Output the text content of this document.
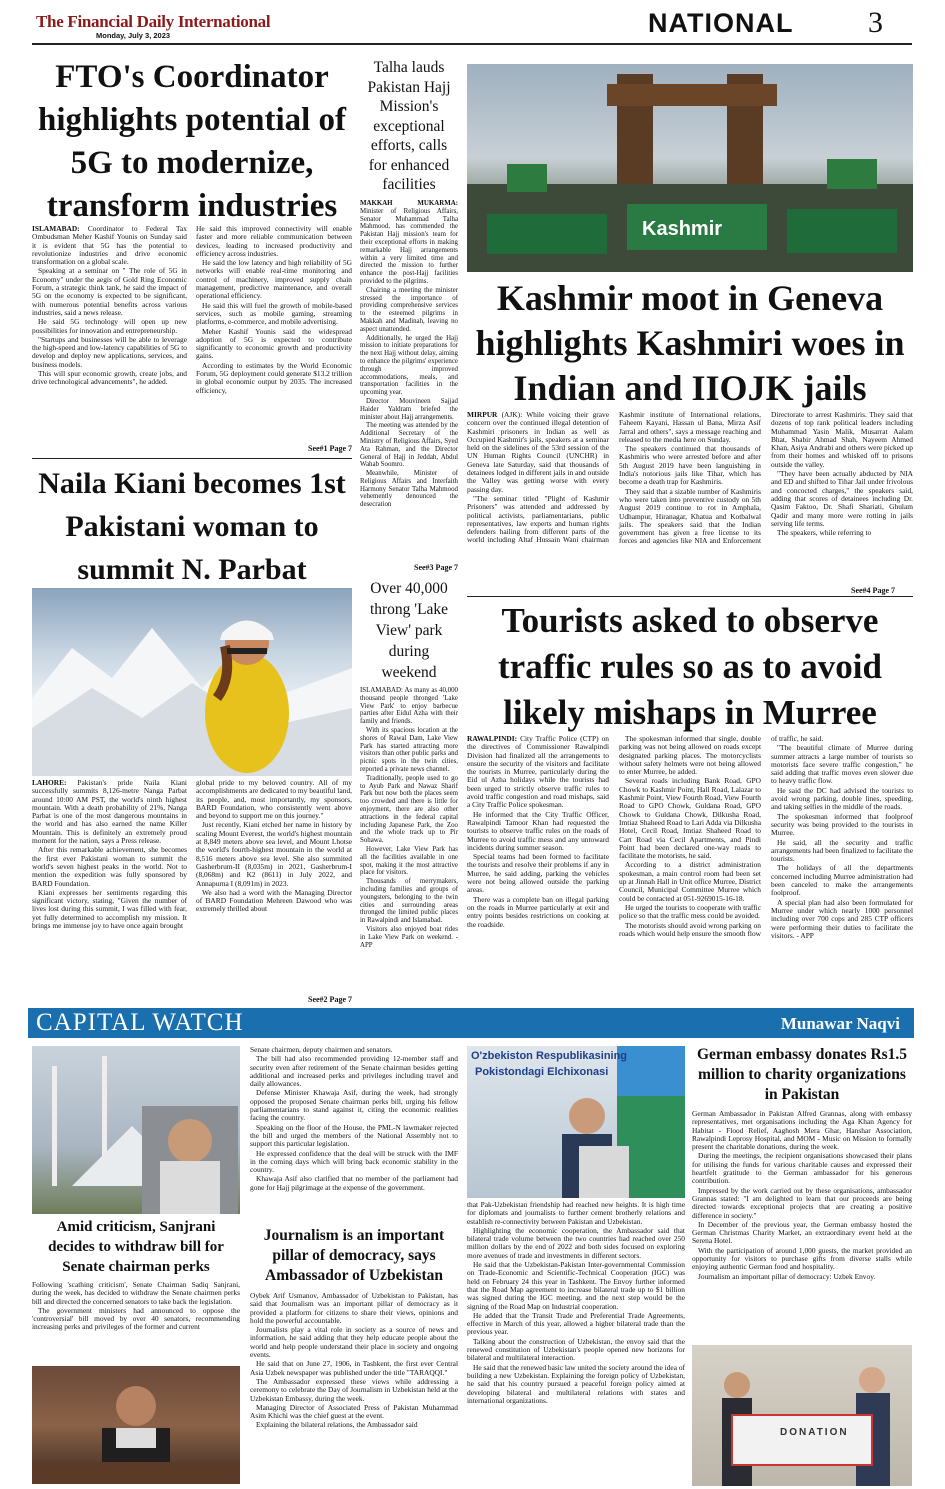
The Financial Daily International
Monday, July 3, 2023	NATIONAL 3
FTO's Coordinator highlights potential of 5G to modernize, transform industries

ISLAMABAD: Coordinator to Federal Tax Ombudsman Meher Kashif Younis on Sunday said it is evident that 5G has the potential to revolutionize industries and drive economic transformation on a global scale.

Speaking at a seminar on " The role of 5G in Economy" under the aegis of Gold Ring Economic Forum, a strategic think tank, he said the impact of 5G on the economy is expected to be significant, with numerous potential benefits across various industries, said a news release.

He said 5G technology will open up new possibilities for innovation and entrepreneurship.

"Startups and businesses will be able to leverage the high-speed and low-latency capabilities of 5G to develop and deploy new applications, services, and business models.

This will spur economic growth, create jobs, and drive technological advancements", he added.

He said this improved connectivity will enable faster and more reliable communication between devices, leading to increased productivity and efficiency across industries.

He said the low latency and high reliability of 5G networks will enable real-time monitoring and control of machinery, improved supply chain management, predictive maintenance, and overall operational efficiency.

He said this will fuel the growth of mobile-based services, such as mobile gaming, streaming platforms, e-commerce, and mobile advertising.

Meher Kashif Younis said the widespread adoption of 5G is expected to contribute significantly to economic growth and productivity gains.

According to estimates by the World Economic Forum, 5G deployment could generate $13.2 trillion in global economic output by 2035. The increased efficiency,

See#1 Page 7
Naila Kiani becomes 1st Pakistani woman to summit N. Parbat

LAHORE: Pakistan's pride Naila Kiani successfully summits 8,126-metre Nanga Parbat around 10:00 AM PST, the world's ninth highest mountain. With a death probability of 21%, Nanga Parbat is one of the most dangerous mountains in the world and has also earned the name Killer Mountain. This is definitely an extremely proud moment for the nation, says a Press release.

After this remarkable achievement, she becomes the first ever Pakistani woman to summit the world's seven highest peaks in the world. Not to mention the expedition was fully sponsored by BARD Foundation.

Kiani expresses her sentiments regarding this significant victory, stating, "Given the number of lives lost during this summit, I was filled with fear, yet fully determined to accomplish my mission. It brings me immense joy to have once again brought

global pride to my beloved country. All of my accomplishments are dedicated to my beautiful land, its people, and, most importantly, my sponsors, BARD Foundation, who consistently went above and beyond to support me on this journey."

Just recently, Kiani etched her name in history by scaling Mount Everest, the world's highest mountain at 8,849 meters above sea level, and Mount Lhotse the world's fourth-highest mountain in the world at 8,516 meters above sea level. She also summited Gasherbrum-II (8,035m) in 2021, Gasherbrum-I (8,068m) and K2 (8611) in July 2022, and Annapurna I (8,091m) in 2023.

We also had a word with the Managing Director of BARD Foundation Mehreen Dawood who was extremely thrilled about

See#2 Page 7
Talha lauds Pakistan Hajj Mission's exceptional efforts, calls for enhanced facilities

MAKKAH MUKARMA: Minister of Religious Affairs, Senator Muhammad Talha Mahmood, has commended the Pakistan Hajj mission's team for their exceptional efforts in making remarkable Hajj arrangements within a very limited time and directed the mission to further enhance the post-Hajj facilities provided to the pilgrims.

Chairing a meeting the minister stressed the importance of providing comprehensive services to the esteemed pilgrims in Makkah and Madinah, leaving no aspect unattended.

Additionally, he urged the Hajj mission to initiate preparations for the next Hajj without delay, aiming to enhance the pilgrims' experience through improved accommodations, meals, and transportation facilities in the upcoming year.

Director Mouvineen Sajjad Haider Yaldram briefed the minister about Hajj arrangements.

The meeting was attended by the Additional Secretary of the Ministry of Religious Affairs, Syed Ata Rahman, and the Director General of Hajj in Jeddah, Abdul Wahab Soomro.

Meanwhile, Minister of Religious Affairs and Interfaith Harmony Senator Talha Mahmood vehemently denounced the desecration

See#3 Page 7
Over 40,000 throng 'Lake View' park during weekend

ISLAMABAD: As many as 40,000 thousand people thronged 'Lake View Park' to enjoy barbecue parties after Eidul Azha with their family and friends.

With its spacious location at the shores of Rawal Dam, Lake View Park has started attracting more visitors than other public parks and picnic spots in the twin cities, reported a private news channel.

Traditionally, people used to go to Ayub Park and Nawaz Sharif Park but now both the places seem too crowded and there is little for enjoyment, there are also other attractions in the federal capital including Japanese Park, the Zoo and the whole track up to Pir Sohawa.

However, Lake View Park has all the facilities available in one spot, making it the most attractive place for visitors.

Thousands of merrymakers, including families and groups of youngsters, belonging to the twin cities and surrounding areas thronged the limited public places in Rawalpindi and Islamabad.

Visitors also enjoyed boat rides in Lake View Park on weekend. - APP

Kashmir
Kashmir moot in Geneva highlights Kashmiri woes in Indian and IIOJK jails

MIRPUR (AJK): While voicing their grave concern over the continued illegal detention of Kashmiri prisoners in Indian as well as Occupied Kashmir's jails, speakers at a seminar held on the sidelines of the 53rd session of the UN Human Rights Council (UNCHR) in Geneva late Saturday, said that thousands of detainees lodged in different jails in and outside the Valley was getting worse with every passing day.

"The seminar titled "Plight of Kashmir Prisoners" was attended and addressed by political activists, parliamentarians, public representatives, law experts and human rights defenders hailing from different parts of the world including Altaf Hussain Wani chairman Kashmir institute of International relations, Faheem Kayani, Hassan ul Bana, Mirza Asif Jarral and others", says a message reaching and released to the media here on Sunday.

The speakers continued that thousands of Kashmiris who were arrested before and after 5th August 2019 have been languishing in India's notorious jails like Tihar, which has become a death trap for Kashmiris.

They said that a sizable number of Kashmiris who were taken into preventive custody on 5th August 2019 continue to rot in Amphala, Udhampur, Hiranagar, Khatua and Kotbalwal jails. The speakers said that the Indian government has given a free license to its forces and agencies like NIA and Enforcement Directorate to arrest Kashmiris. They said that dozens of top rank political leaders including Muhammad Yasin Malik, Musarrat Aalam Bhat, Shabir Ahmad Shah, Nayeem Ahmed Khan, Asiya Andrabi and others were picked up from their homes and whisked off to prisons outside the valley.

"They have been actually abducted by NIA and ED and shifted to Tihar Jail under frivolous and concocted charges," the speakers said, adding that scores of detainees including Dr. Qasim Faktoo, Dr. Shafi Shariati, Ghulam Qadir and many more were rotting in jails serving life terms.

The speakers, while referring to

See#4 Page 7
Tourists asked to observe traffic rules so as to avoid likely mishaps in Murree

RAWALPINDI: City Traffic Police (CTP) on the directives of Commissioner Rawalpindi Division had finalized all the arrangements to ensure the security of the visitors and facilitate the tourists in Murree, particularly during the Eid ul Azha holidays while the tourists had been urged to strictly observe traffic rules to avoid traffic congestion and road mishaps, said a City Traffic Police spokesman.

He informed that the City Traffic Officer, Rawalpindi Tamoor Khan had requested the tourists to observe traffic rules on the roads of Murree to avoid traffic mess and any untoward incidents during summer season.

Special teams had been formed to facilitate the tourists and resolve their problems if any in Murree, he said adding, parking the vehicles were not being allowed outside the parking areas.

There was a complete ban on illegal parking on the roads in Murree particularly at exit and entry points besides restrictions on cooking at the roadside.

The spokesman informed that single, double parking was not being allowed on roads except designated parking places. The motorcyclists without safety helmets were not being allowed to enter Murree, he added.

Several roads including Bank Road, GPO Chowk to Kashmir Point, Hall Road, Lalazar to Kashmir Point, View Fourth Road, View Fourth Road to GPO Chowk, Guldana Road, GPO Chowk to Guldana Chowk, Dilkusha Road, Imtiaz Shaheed Road to Lari Adda via Dilkusha Hotel, Cecil Road, Imtiaz Shaheed Road to Cart Road via Cecil Apartments, and Pindi Point had been declared one-way roads to facilitate the motorists, he said.

According to a district administration spokesman, a main control room had been set up at Jinnah Hall in Unit office Murree, District Council, Municipal Committee Murree which could be contacted at 051-9269015-16-18.

He urged the tourists to cooperate with traffic police so that the traffic mess could be avoided.

The motorists should avoid wrong parking on roads which would help ensure the smooth flow of traffic, he said.

"The beautiful climate of Murree during summer attracts a large number of tourists so motorists face severe traffic congestion," he said adding that traffic moves even slower due to heavy traffic flow.

He said the DC had advised the tourists to avoid wrong parking, double lines, speeding, and taking selfies in the middle of the roads.

The spokesman informed that foolproof security was being provided to the tourists in Murree.

He said, all the security and traffic arrangements had been finalized to facilitate the tourists.

The holidays of all the departments concerned including Murree administration had been canceled to make the arrangements foolproof.

A special plan had also been formulated for Murree under which nearly 1000 personnel including over 700 cops and 285 CTP officers were performing their duties to facilitate the visitors. - APP

CAPITAL WATCH	Munawar Naqvi
Amid criticism, Sanjrani decides to withdraw bill for Senate chairman perks

Following 'scathing criticism', Senate Chairman Sadiq Sanjrani, during the week, has decided to withdraw the Senate chairmen perks bill and directed the concerned senators to take back the legislation.

The government ministers had announced to oppose the 'controversial' bill moved by over 40 senators, recommending increasing perks and privileges of the former and current

Senate chairmen, deputy chairmen and senators.

The bill had also recommended providing 12-member staff and security even after retirement of the Senate chairman besides getting additional and increased perks and privileges including travel and daily allowances.

Defense Minister Khawaja Asif, during the week, had strongly opposed the proposed Senate chairman perks bill, urging his fellow parliamentarians to stand against it, citing the economic realities facing the country.

Speaking on the floor of the House, the PML-N lawmaker rejected the bill and urged the members of the National Assembly not to support this particular legislation.

He expressed confidence that the deal will be struck with the IMF in the coming days which will bring back economic stability in the country.

Khawaja Asif also clarified that no member of the parliament had gone for Hajj pilgrimage at the expense of the government.

Journalism is an important pillar of democracy, says Ambassador of Uzbekistan

Oybek Arif Usmanov, Ambassador of Uzbekistan to Pakistan, has said that Journalism was an important pillar of democracy as it provided a platform for citizens to share their views, opinions and hold the powerful accountable.

Journalists play a vital role in society as a source of news and information, he said adding that they help educate people about the world and help people understand their place in society and ongoing events.

He said that on June 27, 1906, in Tashkent, the first ever Central Asia Uzbek newspaper was published under the title "TARAQQI."

The Ambassador expressed these views while addressing a ceremony to celebrate the Day of Journalism in Uzbekistan held at the Uzbekistan Embassy, during the week.

Managing Director of Associated Press of Pakistan Muhammad Asim Khichi was the chief guest at the event.

Explaining the bilateral relations, the Ambassador said

O'zbekiston Respublikasining
Pokistondagi Elchixonasi

that Pak-Uzbekistan friendship had reached new heights. It is high time for diplomats and journalists to further cement brotherly relations and establish re-connectivity between Pakistan and Uzbekistan.

Highlighting the economic cooperation, the Ambassador said that bilateral trade volume between the two countries had reached over 250 million dollars by the end of 2022 and both sides focused on exploring more avenues of trade and investments in different sectors.

He said that the Uzbekistan-Pakistan Inter-governmental Commission on Trade-Economic and Scientific-Technical Cooperation (IGC) was held on February 24 this year in Tashkent. The Envoy further informed that the Road Map agreement to increase bilateral trade up to $1 billion was signed during the IGC meeting, and the next step would be the signing of the Road Map on Industrial cooperation.

He added that the Transit Trade and Preferential Trade Agreements, effective in March of this year, allowed a higher bilateral trade than the previous year.

Talking about the construction of Uzbekistan, the envoy said that the renewed constitution of Uzbekistan's people opened new horizons for bilateral and multilateral interaction.

He said that the renewed basic law united the society around the idea of building a new Uzbekistan. Explaining the foreign policy of Uzbekistan, he said that his country pursued a peaceful foreign policy aimed at developing bilateral and multilateral relations with states and international organizations.

German embassy donates Rs1.5 million to charity organizations in Pakistan

German Ambassador in Pakistan Alfred Grannas, along with embassy representatives, met organisations including the Aga Khan Agency for Habitat - Flood Relief, Aaghosh Mera Ghar, Hanshar Association, Rawalpindi Leprosy Hospital, and MOM - Music on Mission to formally present the charitable donations, during the week.

During the meetings, the recipient organisations showcased their plans for utilising the funds for various charitable causes and expressed their heartfelt gratitude to the German ambassador for his generous contribution.

Impressed by the work carried out by these organisations, ambassador Grannas stated: "I am delighted to learn that our proceeds are being directed towards exceptional projects that are creating a positive difference in society."

In December of the previous year, the German embassy hosted the German Christmas Charity Market, an extraordinary event held at the Serena Hotel.

With the participation of around 1,000 guests, the market provided an opportunity for visitors to purchase gifts from diverse stalls while enjoying authentic German food and hospitality.

Journalism an important pillar of democracy: Uzbek Envoy.

DONATION
